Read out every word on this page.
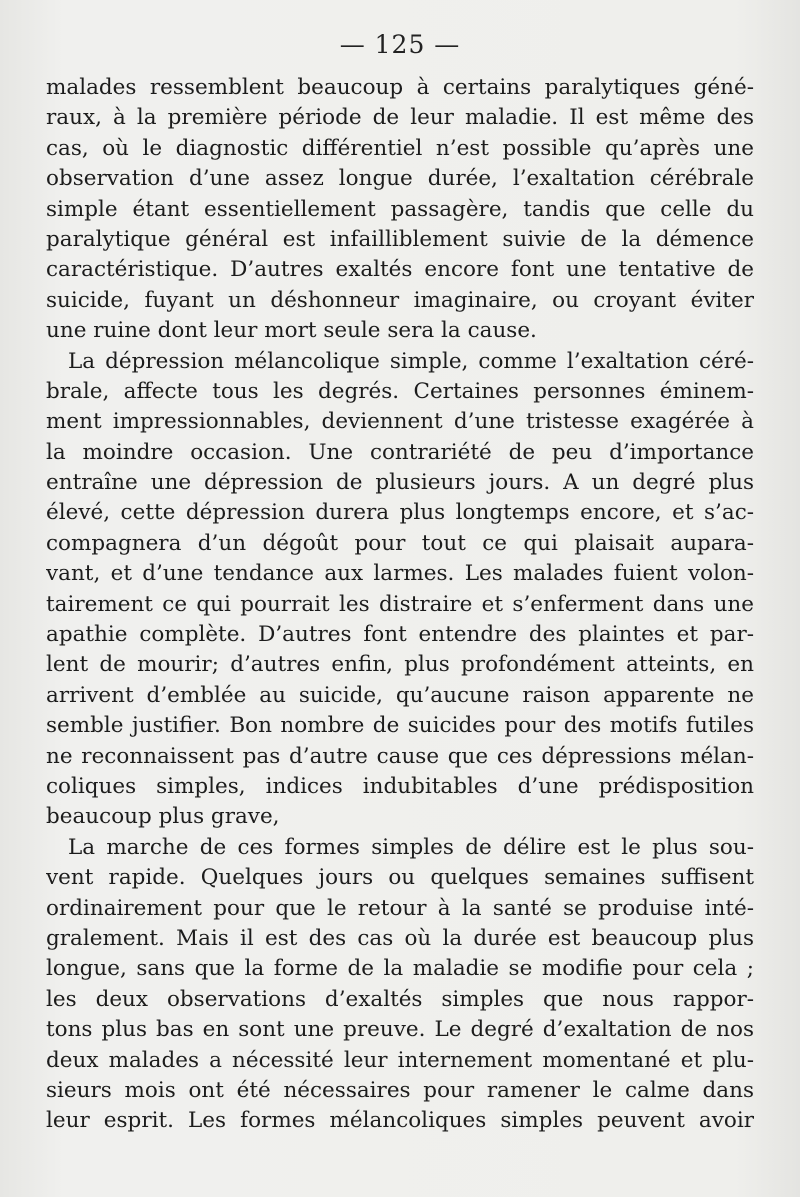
— 125 —
malades ressemblent beaucoup à certains paralytiques géné-
raux, à la première période de leur maladie. Il est même des
cas, où le diagnostic différentiel n’est possible qu’après une
observation d’une assez longue durée, l’exaltation cérébrale
simple étant essentiellement passagère, tandis que celle du
paralytique général est infailliblement suivie de la démence
caractéristique. D’autres exaltés encore font une tentative de
suicide, fuyant un déshonneur imaginaire, ou croyant éviter
une ruine dont leur mort seule sera la cause.
La dépression mélancolique simple, comme l’exaltation céré-
brale, affecte tous les degrés. Certaines personnes éminem-
ment impressionnables, deviennent d’une tristesse exagérée à
la moindre occasion. Une contrariété de peu d’importance
entraîne une dépression de plusieurs jours. A un degré plus
élevé, cette dépression durera plus longtemps encore, et s’ac-
compagnera d’un dégoût pour tout ce qui plaisait aupara-
vant, et d’une tendance aux larmes. Les malades fuient volon-
tairement ce qui pourrait les distraire et s’enferment dans une
apathie complète. D’autres font entendre des plaintes et par-
lent de mourir; d’autres enfin, plus profondément atteints, en
arrivent d’emblée au suicide, qu’aucune raison apparente ne
semble justifier. Bon nombre de suicides pour des motifs futiles
ne reconnaissent pas d’autre cause que ces dépressions mélan-
coliques simples, indices indubitables d’une prédisposition
beaucoup plus grave,
La marche de ces formes simples de délire est le plus sou-
vent rapide. Quelques jours ou quelques semaines suffisent
ordinairement pour que le retour à la santé se produise inté-
gralement. Mais il est des cas où la durée est beaucoup plus
longue, sans que la forme de la maladie se modifie pour cela ;
les deux observations d’exaltés simples que nous rappor-
tons plus bas en sont une preuve. Le degré d’exaltation de nos
deux malades a nécessité leur internement momentané et plu-
sieurs mois ont été nécessaires pour ramener le calme dans
leur esprit. Les formes mélancoliques simples peuvent avoir
